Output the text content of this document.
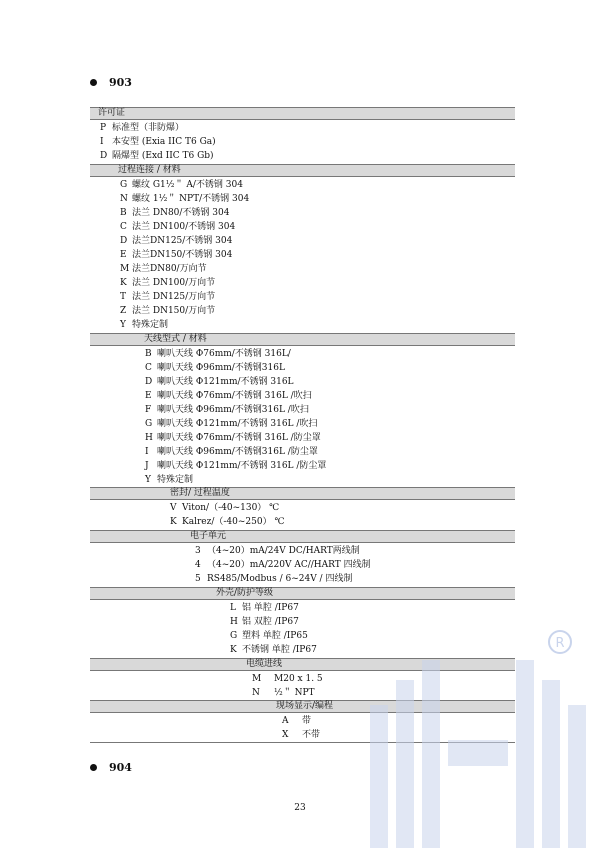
903
许可证
P 标准型（非防爆）
I 本安型 (Exia IIC T6 Ga)
D 隔爆型 (Exd IIC T6 Gb)
过程连接 / 材料
G 螺纹 G1½＂ A/不锈钢 304
N 螺纹 1½＂ NPT/不锈钢 304
B 法兰 DN80/不锈钢 304
C 法兰 DN100/不锈钢 304
D 法兰DN125/不锈钢 304
E 法兰DN150/不锈钢 304
M 法兰DN80/万向节
K 法兰 DN100/万向节
T 法兰 DN125/万向节
Z 法兰 DN150/万向节
Y 特殊定制
天线型式 / 材料
B 喇叭天线 Φ76mm/不锈钢 316L/
C 喇叭天线 Φ96mm/不锈钢316L
D 喇叭天线 Φ121mm/不锈钢 316L
E 喇叭天线 Φ76mm/不锈钢 316L /吹扫
F 喇叭天线 Φ96mm/不锈钢316L /吹扫
G 喇叭天线 Φ121mm/不锈钢 316L /吹扫
H 喇叭天线 Φ76mm/不锈钢 316L /防尘罩
I 喇叭天线 Φ96mm/不锈钢316L /防尘罩
J 喇叭天线 Φ121mm/不锈钢 316L /防尘罩
Y 特殊定制
密封/ 过程温度
V Viton/（-40~130） ℃
K Kalrez/（-40~250） ℃
电子单元
3 （4~20）mA/24V DC/HART两线制
4 （4~20）mA/220V AC//HART 四线制
5 RS485/Modbus / 6~24V / 四线制
外壳/防护等级
L 铝 单腔 /IP67
H 铝 双腔 /IP67
G 塑料 单腔 /IP65
K 不锈钢 单腔 /IP67
电缆进线
M M20 x 1. 5
N ½＂ NPT
现场显示/编程
A 带
X 不带
904
R
23
